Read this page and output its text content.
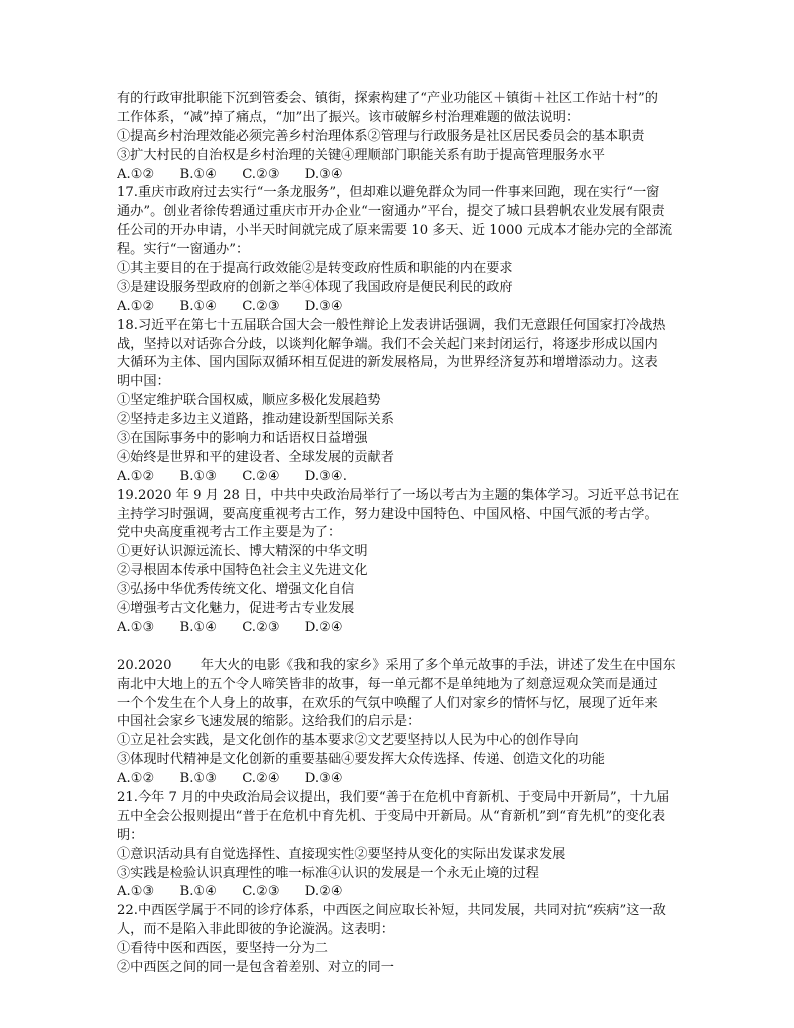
有的行政审批职能下沉到管委会、镇街，探索构建了“产业功能区＋镇街＋社区工作站十村”的
工作体系，“减”掉了痛点，“加”出了振兴。该市破解乡村治理难题的做法说明：
①提高乡村治理效能必须完善乡村治理体系②管理与行政服务是社区居民委员会的基本职责
③扩大村民的自治权是乡村治理的关键④理顺部门职能关系有助于提高管理服务水平
A.①②      B.①④      C.②③      D.③④
17.重庆市政府过去实行“一条龙服务”，但却难以避免群众为同一件事来回跑，现在实行“一窗
通办”。创业者徐传碧通过重庆市开办企业“一窗通办”平台，提交了城口县碧帆农业发展有限责
任公司的开办申请，小半天时间就完成了原来需要 10 多天、近 1000 元成本才能办完的全部流
程。实行“一窗通办”：
①其主要目的在于提高行政效能②是转变政府性质和职能的内在要求
③是建设服务型政府的创新之举④体现了我国政府是便民利民的政府
A.①②      B.①④      C.②③      D.③④
18.习近平在第七十五届联合国大会一般性辩论上发表讲话强调，我们无意跟任何国家打冷战热
战，坚持以对话弥合分歧，以谈判化解争端。我们不会关起门来封闭运行，将逐步形成以国内
大循环为主体、国内国际双循环相互促进的新发展格局，为世界经济复苏和增增添动力。这表
明中国：
①坚定维护联合国权威，顺应多极化发展趋势
②坚持走多边主义道路，推动建设新型国际关系
③在国际事务中的影响力和话语权日益增强
④始终是世界和平的建设者、全球发展的贡献者
A.①②      B.①③      C.②④      D.③④.
19.2020 年 9 月 28 日，中共中央政治局举行了一场以考古为主题的集体学习。习近平总书记在
主持学习时强调，要高度重视考古工作，努力建设中国特色、中国风格、中国气派的考古学。
党中央高度重视考古工作主要是为了：
①更好认识源远流长、博大精深的中华文明
②寻根固本传承中国特色社会主义先进文化
③弘扬中华优秀传统文化、增强文化自信
④增强考古文化魅力，促进考古专业发展
A.①③      B.①④      C.②③      D.②④
20.2020       年大火的电影《我和我的家乡》采用了多个单元故事的手法，讲述了发生在中国东
南北中大地上的五个令人啼笑皆非的故事，每一单元都不是单纯地为了刻意逗观众笑而是通过
一个个发生在个人身上的故事，在欢乐的气氛中唤醒了人们对家乡的情怀与忆，展现了近年来
中国社会家乡飞速发展的缩影。这给我们的启示是：
①立足社会实践，是文化创作的基本要求②文艺要坚持以人民为中心的创作导向
③体现时代精神是文化创新的重要基础④要发挥大众传选择、传递、创造文化的功能
A.①②      B.①③      C.②④      D.③④
21.今年 7 月的中央政治局会议提出，我们要“善于在危机中育新机、于变局中开新局”，十九届
五中全会公报则提出“普于在危机中育先机、于变局中开新局。从“育新机”到“育先机”的变化表
明：
①意识活动具有自觉选择性、直接现实性②要坚持从变化的实际出发谋求发展
③实践是检验认识真理性的唯一标准④认识的发展是一个永无止境的过程
A.①③      B.①④      C.②③      D.②④
22.中西医学属于不同的诊疗体系，中西医之间应取长补短，共同发展，共同对抗“疾病”这一敌
人，而不是陷入非此即彼的争论漩涡。这表明：
①看待中医和西医，要坚持一分为二
②中西医之间的同一是包含着差别、对立的同一
